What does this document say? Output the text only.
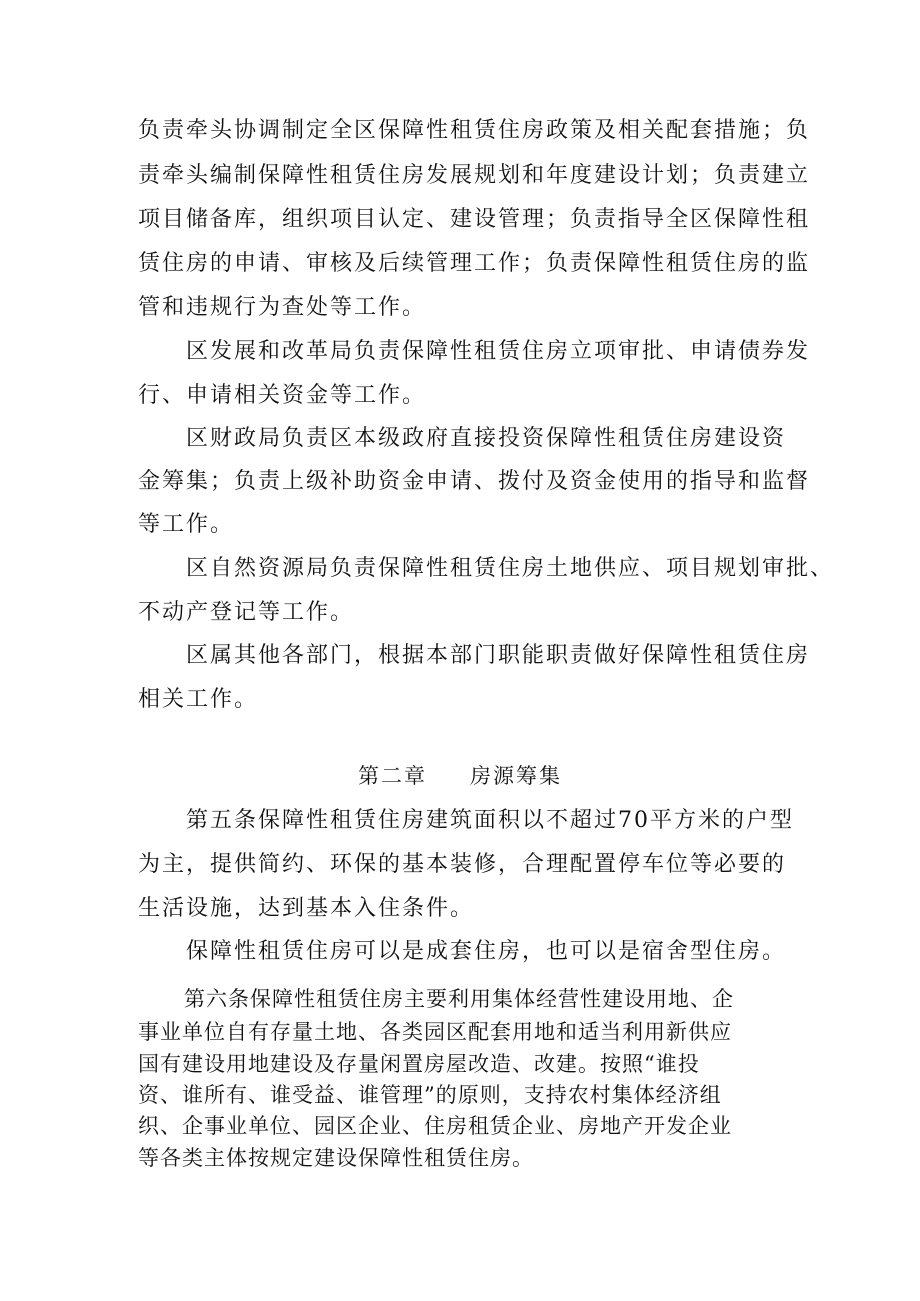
负责牵头协调制定全区保障性租赁住房政策及相关配套措施；负
责牵头编制保障性租赁住房发展规划和年度建设计划；负责建立
项目储备库，组织项目认定、建设管理；负责指导全区保障性租
赁住房的申请、审核及后续管理工作；负责保障性租赁住房的监
管和违规行为查处等工作。
区发展和改革局负责保障性租赁住房立项审批、申请债券发
行、申请相关资金等工作。
区财政局负责区本级政府直接投资保障性租赁住房建设资
金筹集；负责上级补助资金申请、拨付及资金使用的指导和监督
等工作。
区自然资源局负责保障性租赁住房土地供应、项目规划审批、
不动产登记等工作。
区属其他各部门，根据本部门职能职责做好保障性租赁住房
相关工作。
第二章 房源筹集
第五条保障性租赁住房建筑面积以不超过70平方米的户型
为主，提供简约、环保的基本装修，合理配置停车位等必要的
生活设施，达到基本入住条件。
保障性租赁住房可以是成套住房，也可以是宿舍型住房。
第六条保障性租赁住房主要利用集体经营性建设用地、企
事业单位自有存量土地、各类园区配套用地和适当利用新供应
国有建设用地建设及存量闲置房屋改造、改建。按照“谁投
资、谁所有、谁受益、谁管理”的原则，支持农村集体经济组
织、企事业单位、园区企业、住房租赁企业、房地产开发企业
等各类主体按规定建设保障性租赁住房。
